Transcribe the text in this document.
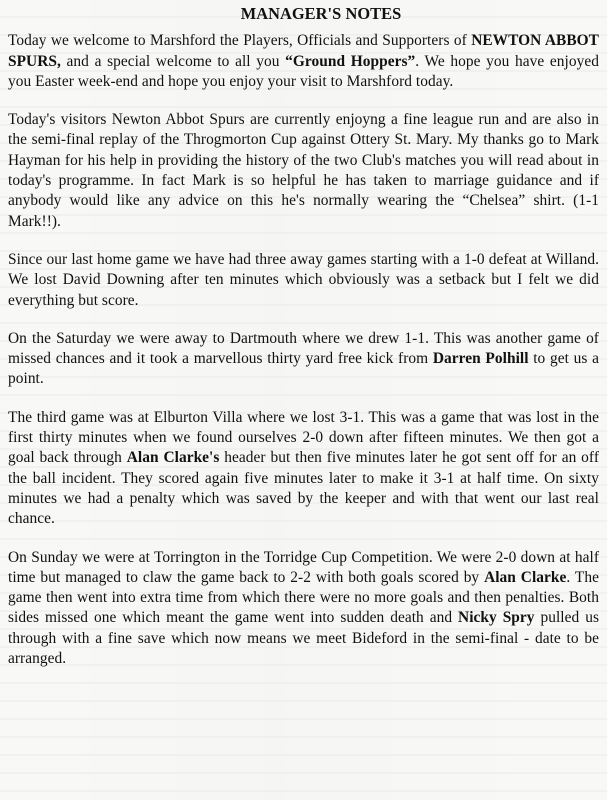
MANAGER'S NOTES

Today we welcome to Marshford the Players, Officials and Supporters of NEWTON ABBOT SPURS, and a special welcome to all you “Ground Hoppers”. We hope you have enjoyed you Easter week-end and hope you enjoy your visit to Marshford today.

Today's visitors Newton Abbot Spurs are currently enjoyng a fine league run and are also in the semi-final replay of the Throgmorton Cup against Ottery St. Mary. My thanks go to Mark Hayman for his help in providing the history of the two Club's matches you will read about in today's programme. In fact Mark is so helpful he has taken to marriage guidance and if anybody would like any advice on this he's normally wearing the “Chelsea” shirt. (1-1 Mark!!).

Since our last home game we have had three away games starting with a 1-0 defeat at Willand. We lost David Downing after ten minutes which obviously was a setback but I felt we did everything but score.

On the Saturday we were away to Dartmouth where we drew 1-1. This was another game of missed chances and it took a marvellous thirty yard free kick from Darren Polhill to get us a point.

The third game was at Elburton Villa where we lost 3-1. This was a game that was lost in the first thirty minutes when we found ourselves 2-0 down after fifteen minutes. We then got a goal back through Alan Clarke's header but then five minutes later he got sent off for an off the ball incident. They scored again five minutes later to make it 3-1 at half time. On sixty minutes we had a penalty which was saved by the keeper and with that went our last real chance.

On Sunday we were at Torrington in the Torridge Cup Competition. We were 2-0 down at half time but managed to claw the game back to 2-2 with both goals scored by Alan Clarke. The game then went into extra time from which there were no more goals and then penalties. Both sides missed one which meant the game went into sudden death and Nicky Spry pulled us through with a fine save which now means we meet Bideford in the semi-final - date to be arranged.
